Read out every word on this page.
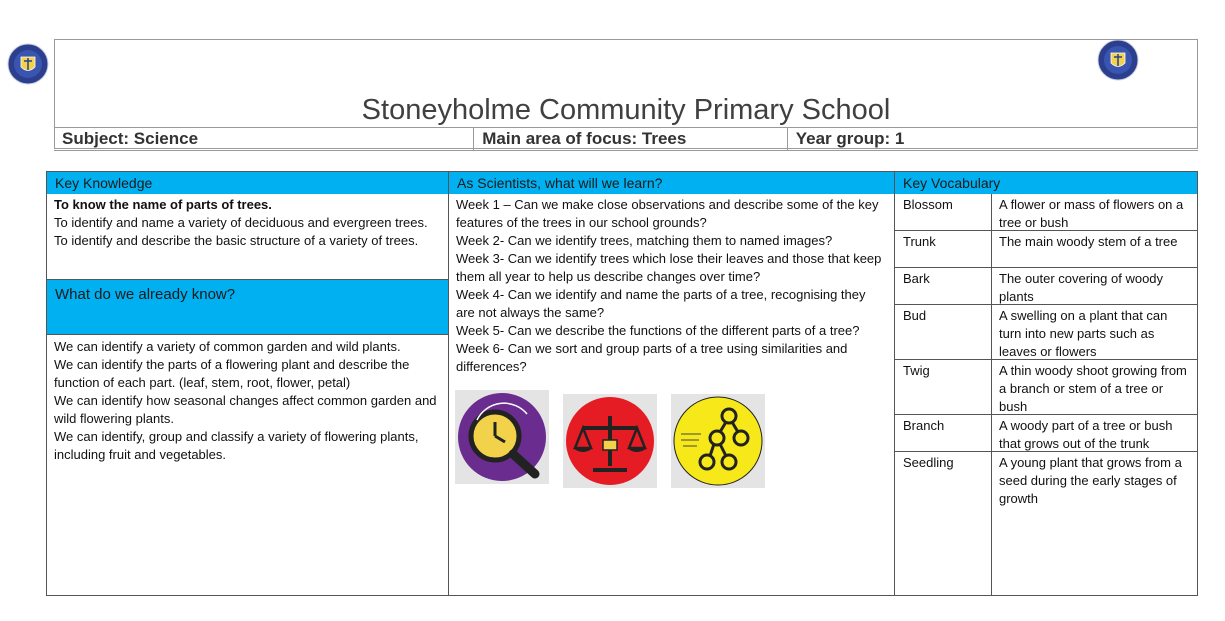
Stoneyholme Community Primary School
Subject: Science	Main area of focus: Trees	Year group: 1
Key Knowledge
To know the name of parts of trees.
To identify and name a variety of deciduous and evergreen trees.
To identify and describe the basic structure of a variety of trees.
What do we already know?
We can identify a variety of common garden and wild plants.
We can identify the parts of a flowering plant and describe the function of each part. (leaf, stem, root, flower, petal)
We can identify how seasonal changes affect common garden and wild flowering plants.
We can identify, group and classify a variety of flowering plants, including fruit and vegetables.
As Scientists, what will we learn?
Week 1 – Can we make close observations and describe some of the key features of the trees in our school grounds?
Week 2- Can we identify trees, matching them to named images?
Week 3- Can we identify trees which lose their leaves and those that keep them all year to help us describe changes over time?
Week 4- Can we identify and name the parts of a tree, recognising they are not always the same?
Week 5- Can we describe the functions of the different parts of a tree?
Week 6- Can we sort and group parts of a tree using similarities and differences?
Key Vocabulary
Blossom	A flower or mass of flowers on a tree or bush
Trunk	The main woody stem of a tree
Bark	The outer covering of woody plants
Bud	A swelling on a plant that can turn into new parts such as leaves or flowers
Twig	A thin woody shoot growing from a branch or stem of a tree or bush
Branch	A woody part of a tree or bush that grows out of the trunk
Seedling	A young plant that grows from a seed during the early stages of growth
